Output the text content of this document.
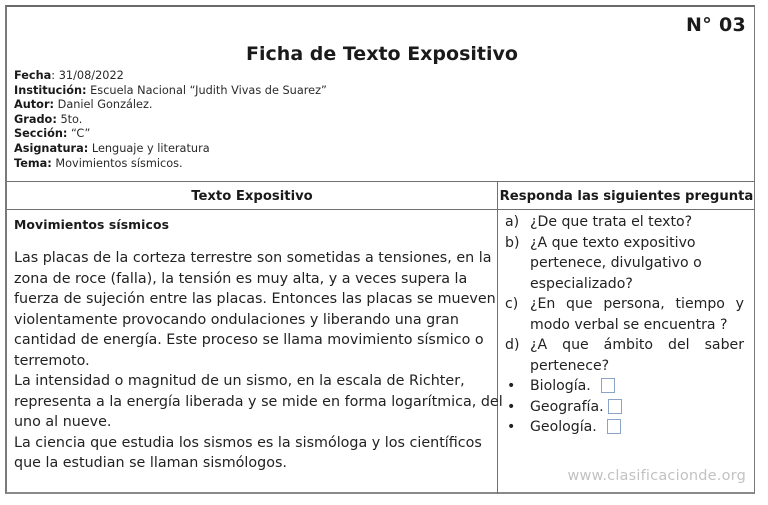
N° 03
Ficha de Texto Expositivo
Fecha: 31/08/2022
Institución: Escuela Nacional “Judith Vivas de Suarez”
Autor: Daniel González.
Grado: 5to.
Sección: “C”
Asignatura: Lenguaje y literatura
Tema: Movimientos sísmicos.
Texto Expositivo	Responda las siguientes pregunta
Movimientos sísmicos
Las placas de la corteza terrestre son sometidas a tensiones, en la
zona de roce (falla), la tensión es muy alta, y a veces supera la
fuerza de sujeción entre las placas. Entonces las placas se mueven
violentamente provocando ondulaciones y liberando una gran
cantidad de energía. Este proceso se llama movimiento sísmico o
terremoto.
La intensidad o magnitud de un sismo, en la escala de Richter,
representa a la energía liberada y se mide en forma logarítmica, del
uno al nueve.
La ciencia que estudia los sismos es la sismóloga y los científicos
que la estudian se llaman sismólogos.
a) ¿De que trata el texto?
b) ¿A que texto expositivo
pertenece, divulgativo o
especializado?
c) ¿En que persona, tiempo y
modo verbal se encuentra ?
d) ¿A que ámbito del saber
pertenece?
• Biología.
• Geografía.
• Geología.
www.clasificacionde.org
